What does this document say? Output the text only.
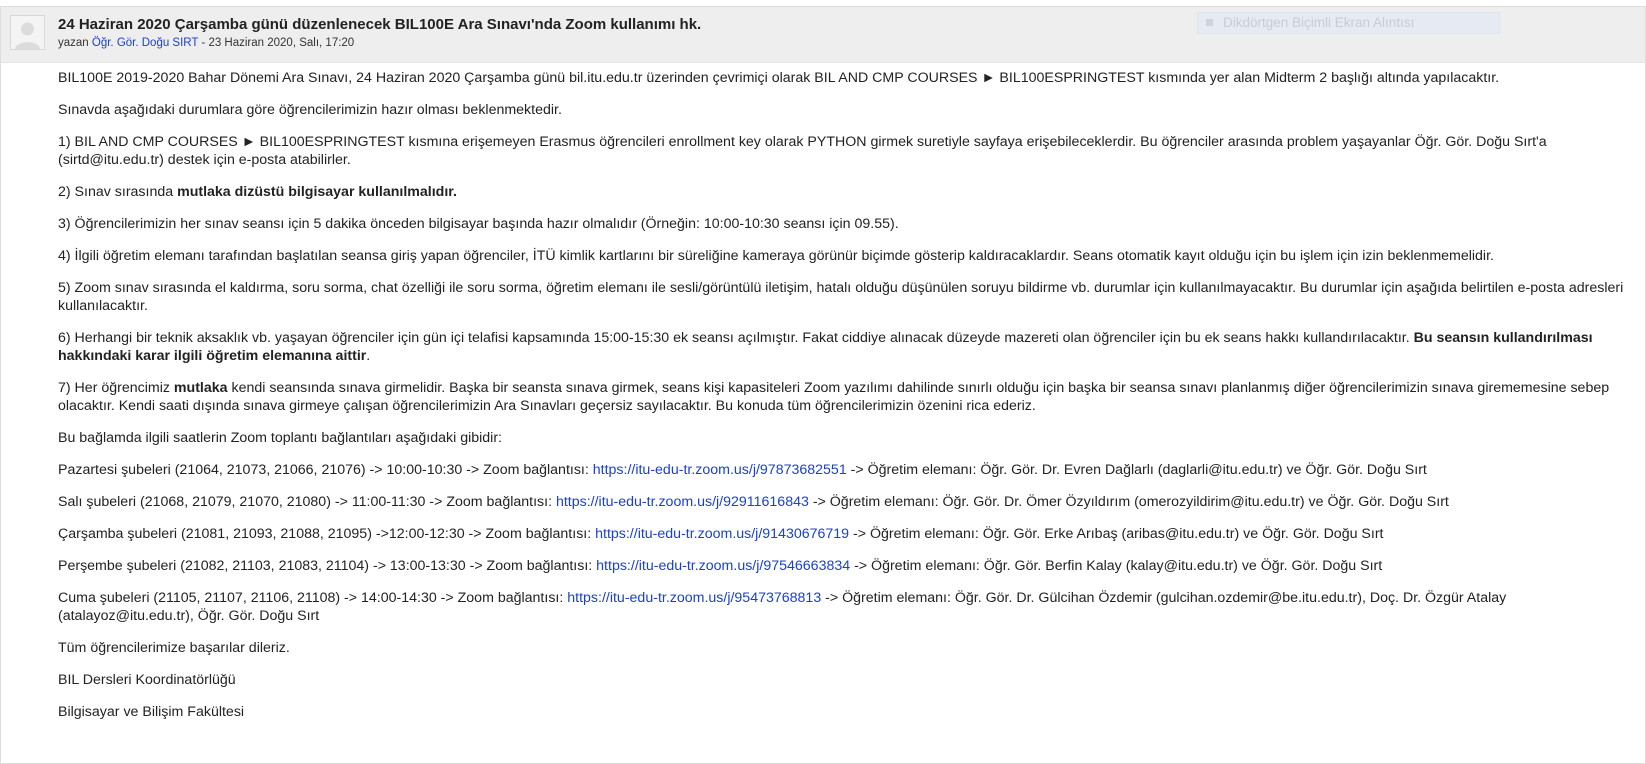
24 Haziran 2020 Çarşamba günü düzenlenecek BIL100E Ara Sınavı'nda Zoom kullanımı hk.
yazan Öğr. Gör. Doğu SIRT - 23 Haziran 2020, Salı, 17:20
Dikdörtgen Biçimli Ekran Alıntısı

BIL100E 2019-2020 Bahar Dönemi Ara Sınavı, 24 Haziran 2020 Çarşamba günü bil.itu.edu.tr üzerinden çevrimiçi olarak BIL AND CMP COURSES ► BIL100ESPRINGTEST kısmında yer alan Midterm 2 başlığı altında yapılacaktır.

Sınavda aşağıdaki durumlara göre öğrencilerimizin hazır olması beklenmektedir.

1) BIL AND CMP COURSES ► BIL100ESPRINGTEST kısmına erişemeyen Erasmus öğrencileri enrollment key olarak PYTHON girmek suretiyle sayfaya erişebileceklerdir. Bu öğrenciler arasında problem yaşayanlar Öğr. Gör. Doğu Sırt'a (sirtd@itu.edu.tr) destek için e-posta atabilirler.

2) Sınav sırasında mutlaka dizüstü bilgisayar kullanılmalıdır.

3) Öğrencilerimizin her sınav seansı için 5 dakika önceden bilgisayar başında hazır olmalıdır (Örneğin: 10:00-10:30 seansı için 09.55).

4) İlgili öğretim elemanı tarafından başlatılan seansa giriş yapan öğrenciler, İTÜ kimlik kartlarını bir süreliğine kameraya görünür biçimde gösterip kaldıracaklardır. Seans otomatik kayıt olduğu için bu işlem için izin beklenmemelidir.

5) Zoom sınav sırasında el kaldırma, soru sorma, chat özelliği ile soru sorma, öğretim elemanı ile sesli/görüntülü iletişim, hatalı olduğu düşünülen soruyu bildirme vb. durumlar için kullanılmayacaktır. Bu durumlar için aşağıda belirtilen e-posta adresleri kullanılacaktır.

6) Herhangi bir teknik aksaklık vb. yaşayan öğrenciler için gün içi telafisi kapsamında 15:00-15:30 ek seansı açılmıştır. Fakat ciddiye alınacak düzeyde mazereti olan öğrenciler için bu ek seans hakkı kullandırılacaktır. Bu seansın kullandırılması hakkındaki karar ilgili öğretim elemanına aittir.

7) Her öğrencimiz mutlaka kendi seansında sınava girmelidir. Başka bir seansta sınava girmek, seans kişi kapasiteleri Zoom yazılımı dahilinde sınırlı olduğu için başka bir seansa sınavı planlanmış diğer öğrencilerimizin sınava girememesine sebep olacaktır. Kendi saati dışında sınava girmeye çalışan öğrencilerimizin Ara Sınavları geçersiz sayılacaktır. Bu konuda tüm öğrencilerimizin özenini rica ederiz.

Bu bağlamda ilgili saatlerin Zoom toplantı bağlantıları aşağıdaki gibidir:

Pazartesi şubeleri (21064, 21073, 21066, 21076) -> 10:00-10:30 -> Zoom bağlantısı: https://itu-edu-tr.zoom.us/j/97873682551 -> Öğretim elemanı: Öğr. Gör. Dr. Evren Dağlarlı (daglarli@itu.edu.tr) ve Öğr. Gör. Doğu Sırt

Salı şubeleri (21068, 21079, 21070, 21080) -> 11:00-11:30 -> Zoom bağlantısı: https://itu-edu-tr.zoom.us/j/92911616843 -> Öğretim elemanı: Öğr. Gör. Dr. Ömer Özyıldırım (omerozyildirim@itu.edu.tr) ve Öğr. Gör. Doğu Sırt

Çarşamba şubeleri (21081, 21093, 21088, 21095) ->12:00-12:30 -> Zoom bağlantısı: https://itu-edu-tr.zoom.us/j/91430676719 -> Öğretim elemanı: Öğr. Gör. Erke Arıbaş (aribas@itu.edu.tr) ve Öğr. Gör. Doğu Sırt

Perşembe şubeleri (21082, 21103, 21083, 21104) -> 13:00-13:30 -> Zoom bağlantısı: https://itu-edu-tr.zoom.us/j/97546663834 -> Öğretim elemanı: Öğr. Gör. Berfin Kalay (kalay@itu.edu.tr) ve Öğr. Gör. Doğu Sırt

Cuma şubeleri (21105, 21107, 21106, 21108) -> 14:00-14:30 -> Zoom bağlantısı: https://itu-edu-tr.zoom.us/j/95473768813 -> Öğretim elemanı: Öğr. Gör. Dr. Gülcihan Özdemir (gulcihan.ozdemir@be.itu.edu.tr), Doç. Dr. Özgür Atalay (atalayoz@itu.edu.tr), Öğr. Gör. Doğu Sırt

Tüm öğrencilerimize başarılar dileriz.

BIL Dersleri Koordinatörlüğü

Bilgisayar ve Bilişim Fakültesi
